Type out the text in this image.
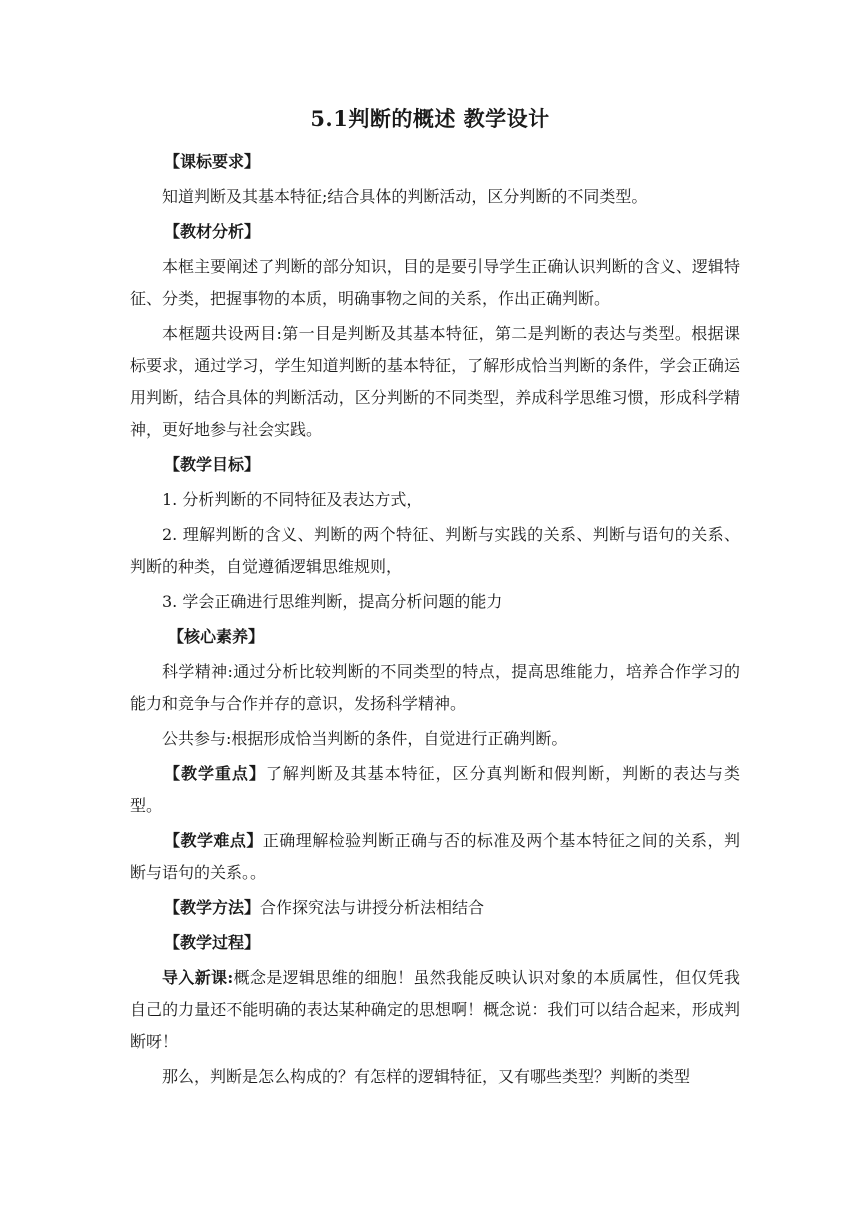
5.1判断的概述 教学设计

【课标要求】

知道判断及其基本特征;结合具体的判断活动，区分判断的不同类型。

【教材分析】

本框主要阐述了判断的部分知识，目的是要引导学生正确认识判断的含义、逻辑特征、分类，把握事物的本质，明确事物之间的关系，作出正确判断。

本框题共设两目:第一目是判断及其基本特征，第二是判断的表达与类型。根据课标要求，通过学习，学生知道判断的基本特征，了解形成恰当判断的条件，学会正确运用判断，结合具体的判断活动，区分判断的不同类型，养成科学思维习惯，形成科学精神，更好地参与社会实践。

【教学目标】

1. 分析判断的不同特征及表达方式，

2. 理解判断的含义、判断的两个特征、判断与实践的关系、判断与语句的关系、判断的种类，自觉遵循逻辑思维规则，

3. 学会正确进行思维判断，提高分析问题的能力

【核心素养】

科学精神:通过分析比较判断的不同类型的特点，提高思维能力，培养合作学习的能力和竞争与合作并存的意识，发扬科学精神。

公共参与:根据形成恰当判断的条件，自觉进行正确判断。

【教学重点】了解判断及其基本特征，区分真判断和假判断，判断的表达与类型。

【教学难点】正确理解检验判断正确与否的标准及两个基本特征之间的关系，判断与语句的关系。。

【教学方法】合作探究法与讲授分析法相结合

【教学过程】

导入新课:概念是逻辑思维的细胞！虽然我能反映认识对象的本质属性，但仅凭我自己的力量还不能明确的表达某种确定的思想啊！概念说：我们可以结合起来，形成判断呀！

那么，判断是怎么构成的？有怎样的逻辑特征，又有哪些类型？判断的类型
